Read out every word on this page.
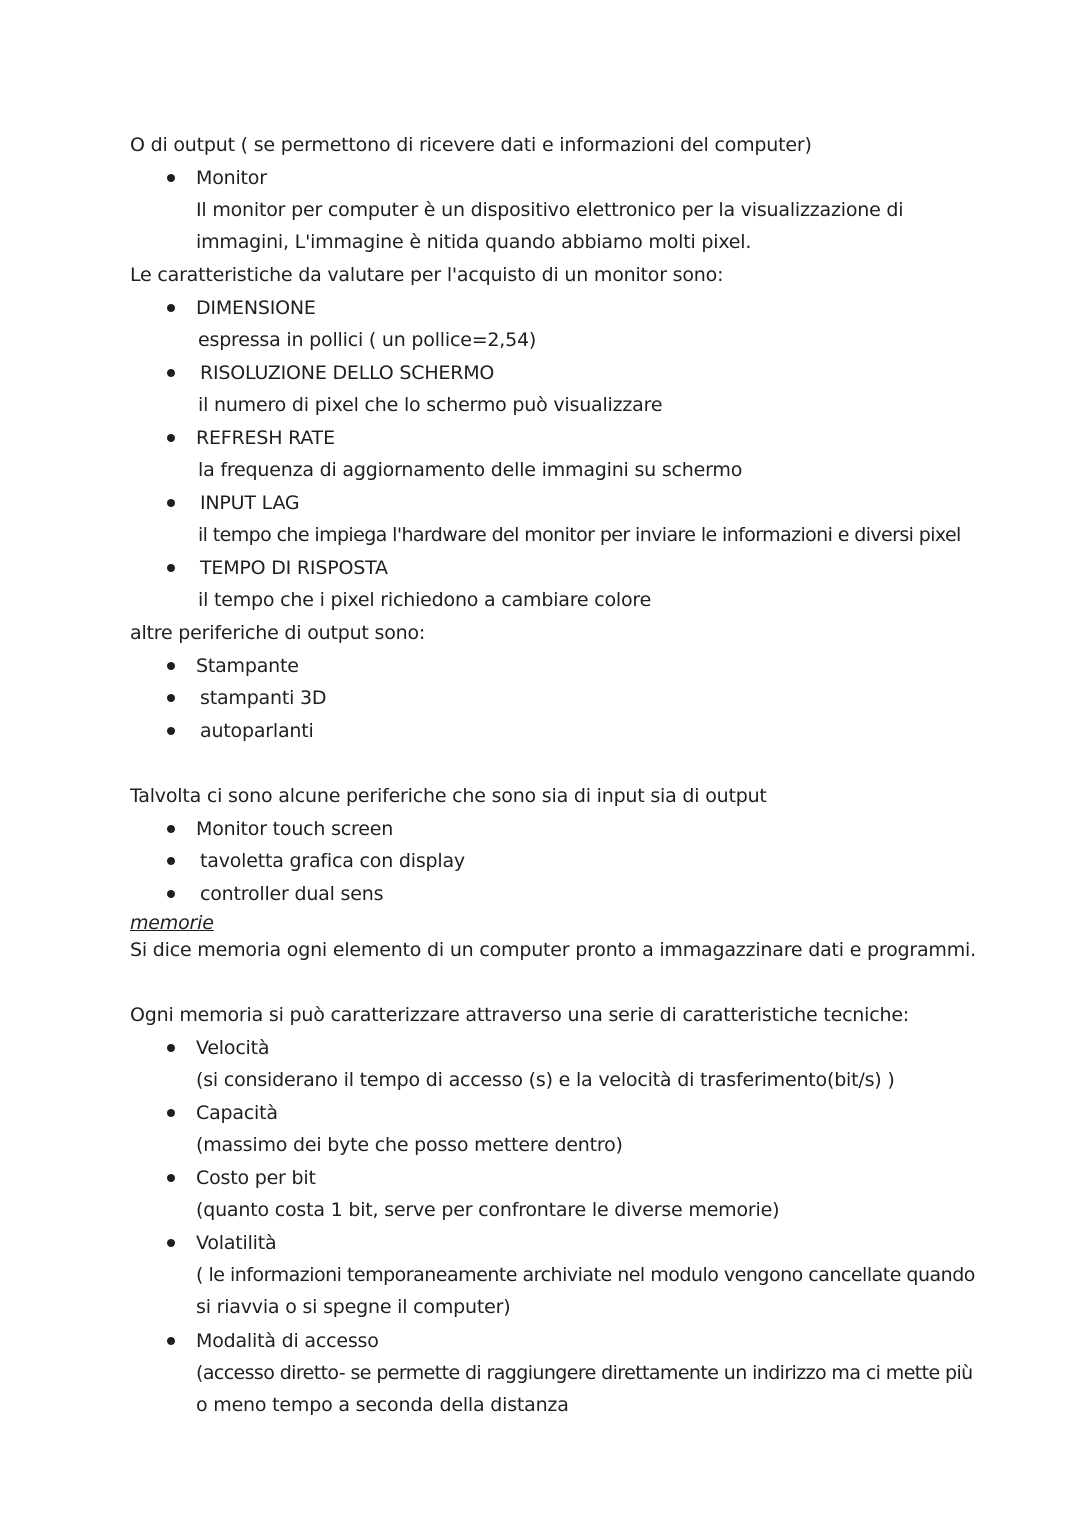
O di output ( se permettono di ricevere dati e informazioni del computer)
Monitor
Il monitor per computer è un dispositivo elettronico per la visualizzazione di
immagini, L'immagine è nitida quando abbiamo molti pixel.
Le caratteristiche da valutare per l'acquisto di un monitor sono:
DIMENSIONE
espressa in pollici ( un pollice=2,54)
RISOLUZIONE DELLO SCHERMO
il numero di pixel che lo schermo può visualizzare
REFRESH RATE
la frequenza di aggiornamento delle immagini su schermo
INPUT LAG
il tempo che impiega l'hardware del monitor per inviare le informazioni e diversi pixel
TEMPO DI RISPOSTA
il tempo che i pixel richiedono a cambiare colore
altre periferiche di output sono:
Stampante
stampanti 3D
autoparlanti
Talvolta ci sono alcune periferiche che sono sia di input sia di output
Monitor touch screen
tavoletta grafica con display
controller dual sens
memorie
Si dice memoria ogni elemento di un computer pronto a immagazzinare dati e programmi.
Ogni memoria si può caratterizzare attraverso una serie di caratteristiche tecniche:
Velocità
(si considerano il tempo di accesso (s) e la velocità di trasferimento(bit/s) )
Capacità
(massimo dei byte che posso mettere dentro)
Costo per bit
(quanto costa 1 bit, serve per confrontare le diverse memorie)
Volatilità
( le informazioni temporaneamente archiviate nel modulo vengono cancellate quando
si riavvia o si spegne il computer)
Modalità di accesso
(accesso diretto- se permette di raggiungere direttamente un indirizzo ma ci mette più
o meno tempo a seconda della distanza
